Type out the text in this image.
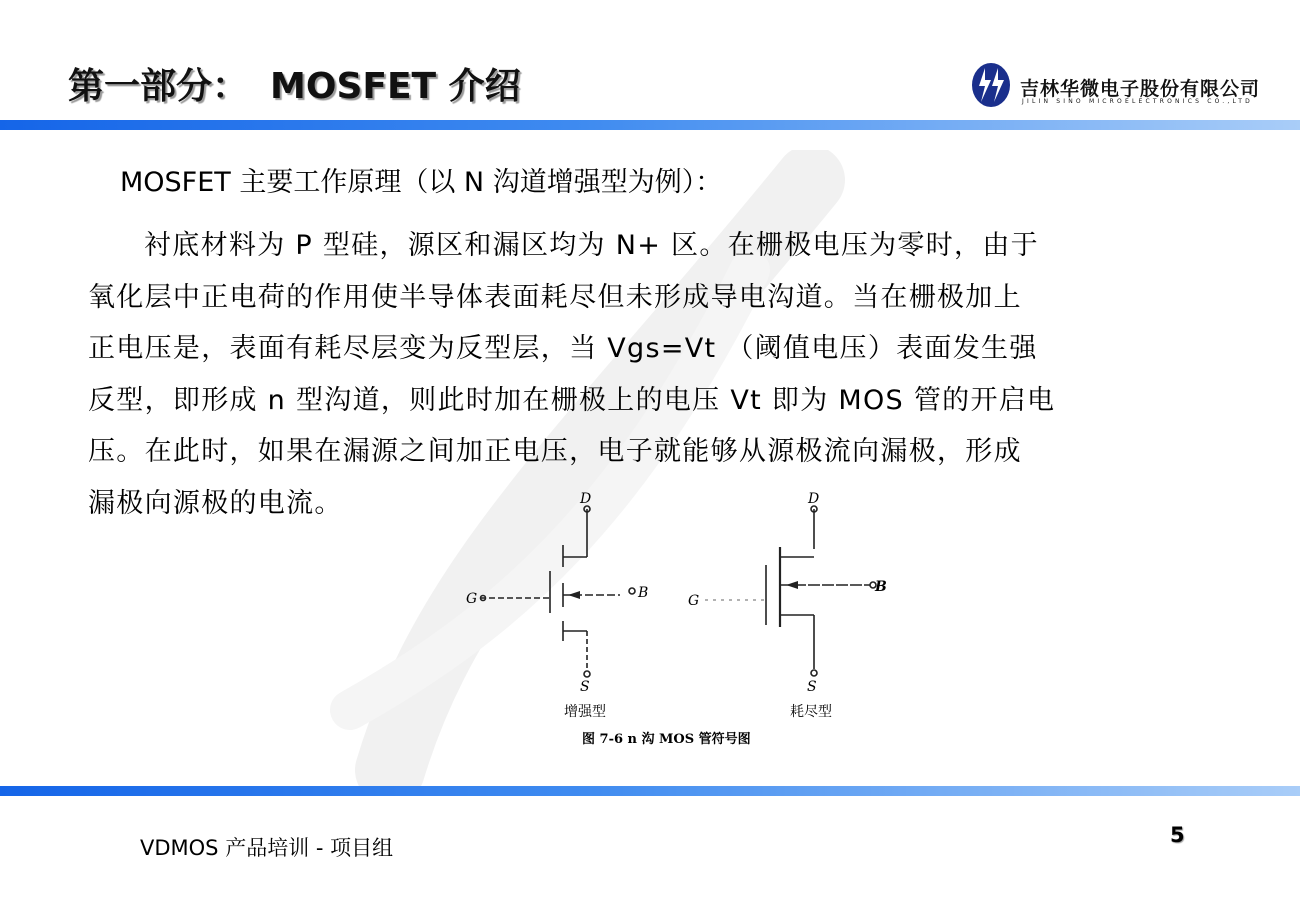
第一部分： MOSFET 介绍	吉林华微电子股份有限公司
JILIN SINO MICROELECTRONICS CO.,LTD
MOSFET 主要工作原理（以 N 沟道增强型为例）：
衬底材料为 P 型硅，源区和漏区均为 N+ 区。在栅极电压为零时，由于
氧化层中正电荷的作用使半导体表面耗尽但未形成导电沟道。当在栅极加上
正电压是，表面有耗尽层变为反型层，当 Vgs=Vt （阈值电压）表面发生强
反型，即形成 n 型沟道，则此时加在栅极上的电压 Vt 即为 MOS 管的开启电
压。在此时，如果在漏源之间加正电压，电子就能够从源极流向漏极，形成
漏极向源极的电流。	D
G	B
S
增强型
D
G
B
S
耗尽型
图 7-6 n 沟 MOS 管符号图
VDMOS 产品培训 - 项目组
5
